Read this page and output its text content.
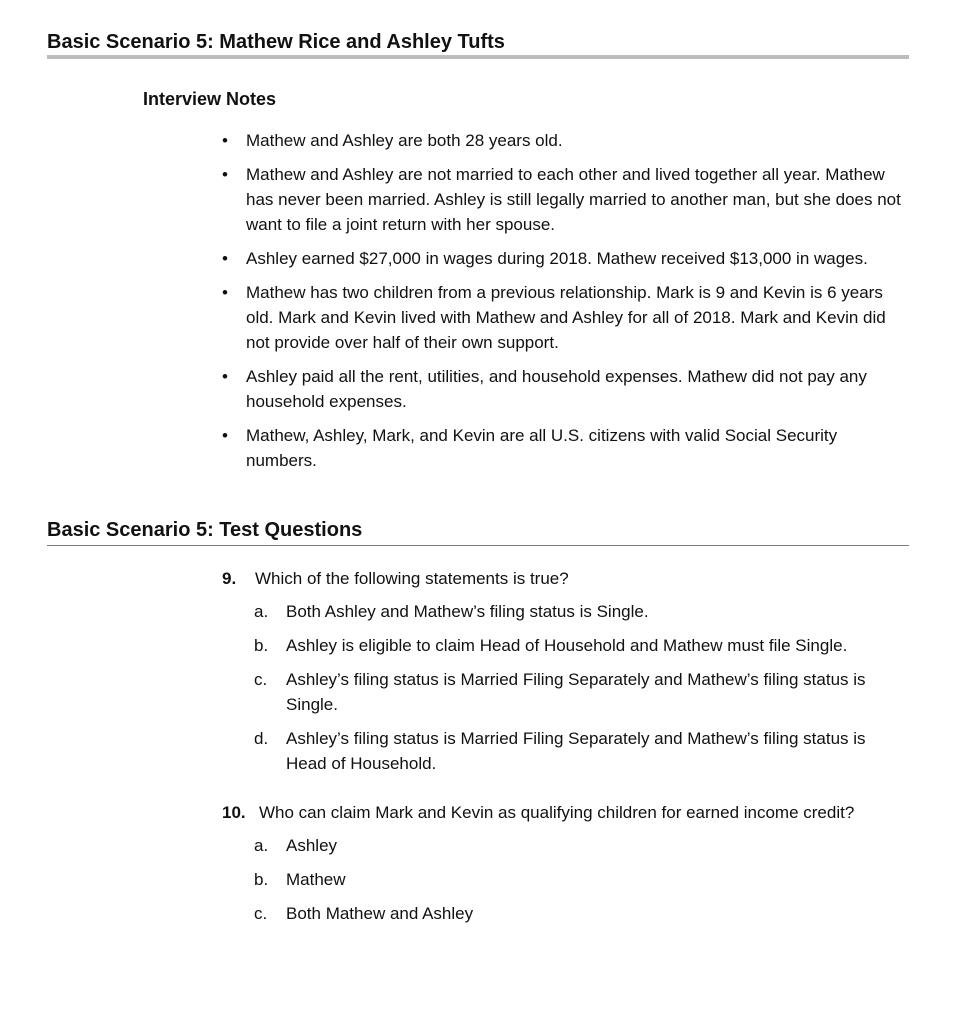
Basic Scenario 5: Mathew Rice and Ashley Tufts
Interview Notes
•	Mathew and Ashley are both 28 years old.
•	Mathew and Ashley are not married to each other and lived together all year. Mathew has never been married. Ashley is still legally married to another man, but she does not want to file a joint return with her spouse.
•	Ashley earned $27,000 in wages during 2018. Mathew received $13,000 in wages.
•	Mathew has two children from a previous relationship. Mark is 9 and Kevin is 6 years old. Mark and Kevin lived with Mathew and Ashley for all of 2018. Mark and Kevin did not provide over half of their own support.
•	Ashley paid all the rent, utilities, and household expenses. Mathew did not pay any household expenses.
•	Mathew, Ashley, Mark, and Kevin are all U.S. citizens with valid Social Security numbers.
Basic Scenario 5: Test Questions
9. Which of the following statements is true?
a. Both Ashley and Mathew’s filing status is Single.
b. Ashley is eligible to claim Head of Household and Mathew must file Single.
c. Ashley’s filing status is Married Filing Separately and Mathew’s filing status is Single.
d. Ashley’s filing status is Married Filing Separately and Mathew’s filing status is Head of Household.
10. Who can claim Mark and Kevin as qualifying children for earned income credit?
a. Ashley
b. Mathew
c. Both Mathew and Ashley
